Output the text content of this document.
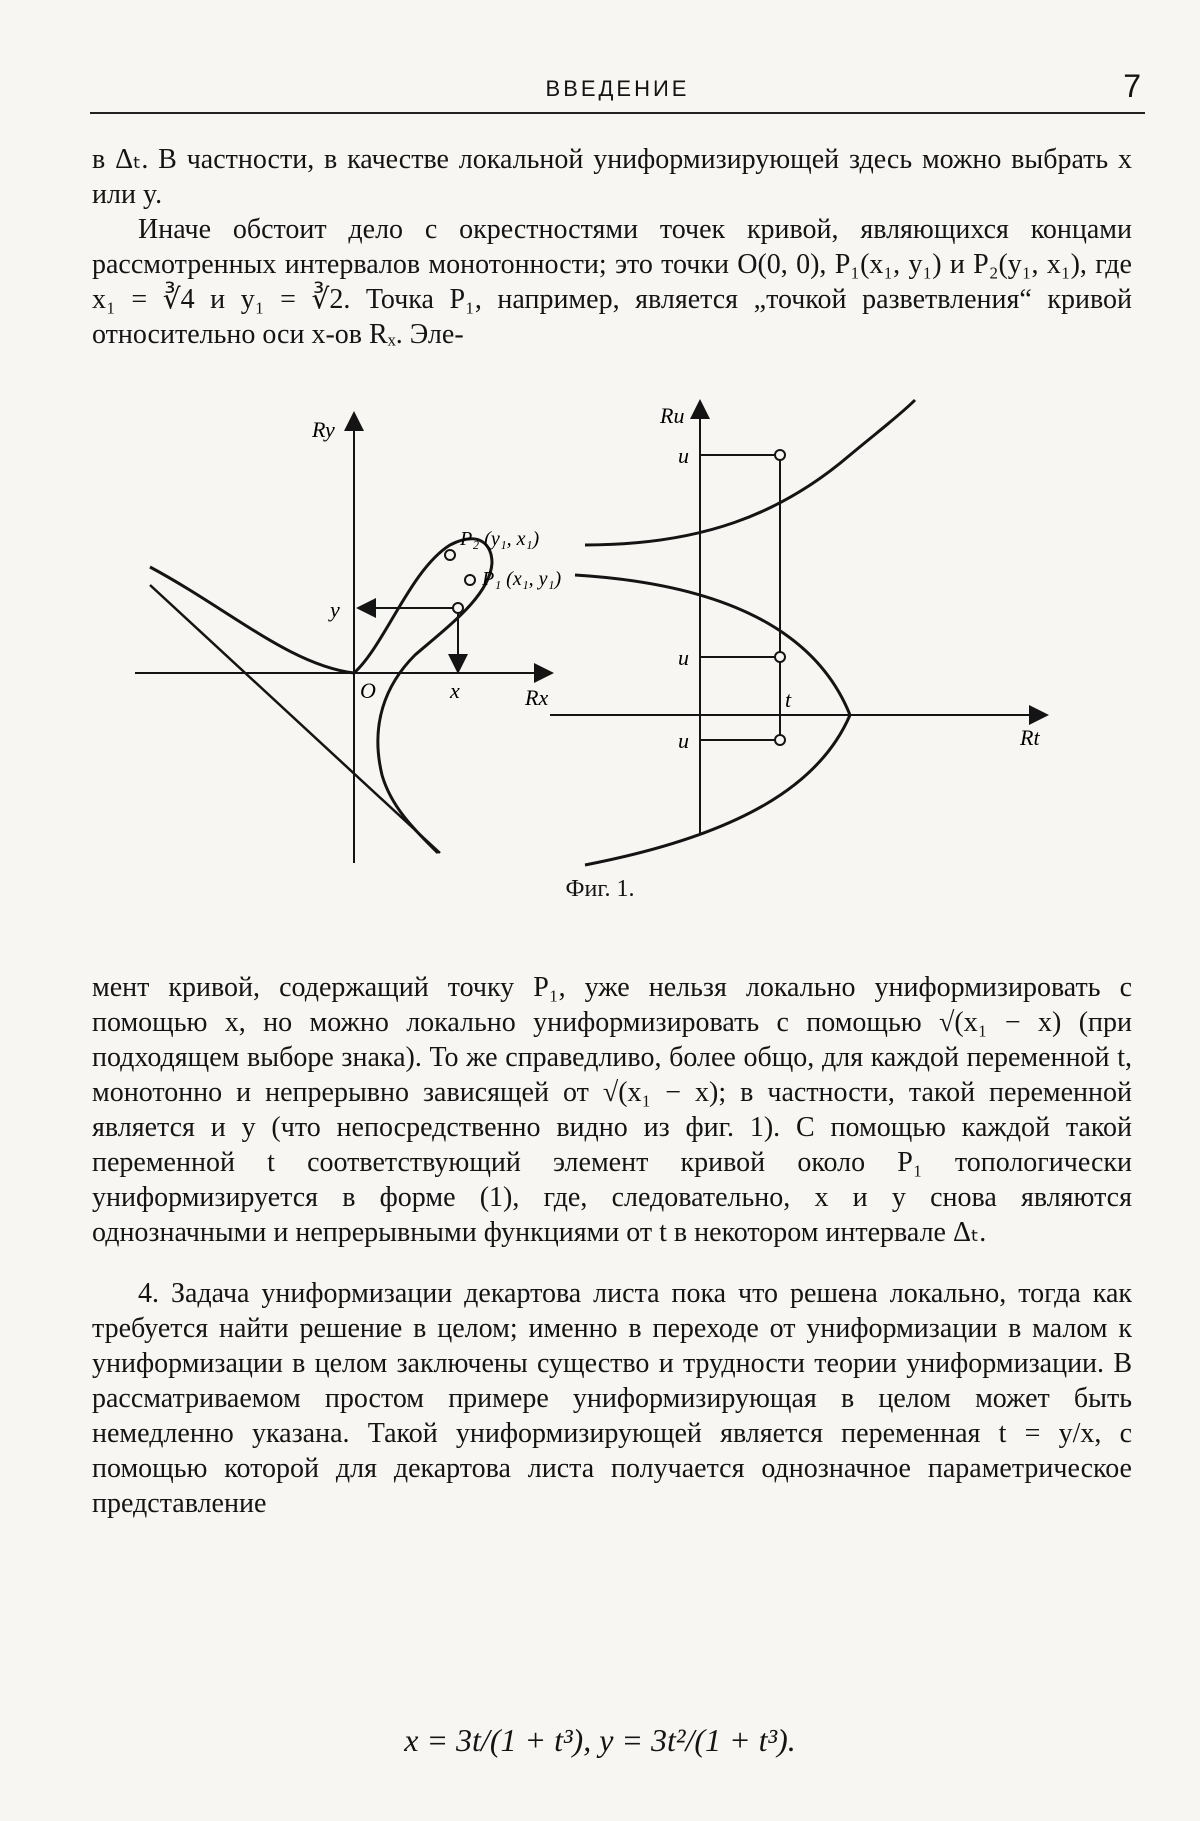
ВВЕДЕНИЕ	7

в Δₜ. В частности, в качестве локальной униформизирующей здесь можно выбрать x или y.

Иначе обстоит дело с окрестностями точек кривой, являющихся концами рассмотренных интервалов монотонности; это точки O(0, 0), P₁(x₁, y₁) и P₂(y₁, x₁), где x₁ = ∛4 и y₁ = ∛2. Точка P₁, например, является „точкой разветвления“ кривой относительно оси x-ов Rₓ. Эле-

Ry
Rx
O	x
y
P₂ (y₁, x₁)
P₁ (x₁, y₁)
Ru
Rt
u
u
u
t
Фиг. 1.

мент кривой, содержащий точку P₁, уже нельзя локально униформизировать с помощью x, но можно локально униформизировать с помощью √(x₁ − x) (при подходящем выборе знака). То же справедливо, более общо, для каждой переменной t, монотонно и непрерывно зависящей от √(x₁ − x); в частности, такой переменной является и y (что непосредственно видно из фиг. 1). С помощью каждой такой переменной t соответствующий элемент кривой около P₁ топологически униформизируется в форме (1), где, следовательно, x и y снова являются однозначными и непрерывными функциями от t в некотором интервале Δₜ.

4. Задача униформизации декартова листа пока что решена локально, тогда как требуется найти решение в целом; именно в переходе от униформизации в малом к униформизации в целом заключены существо и трудности теории униформизации. В рассматриваемом простом примере униформизирующая в целом может быть немедленно указана. Такой униформизирующей является переменная t = y/x, с помощью которой для декартова листа получается однозначное параметрическое представление

x = 3t/(1 + t³), y = 3t²/(1 + t³).
